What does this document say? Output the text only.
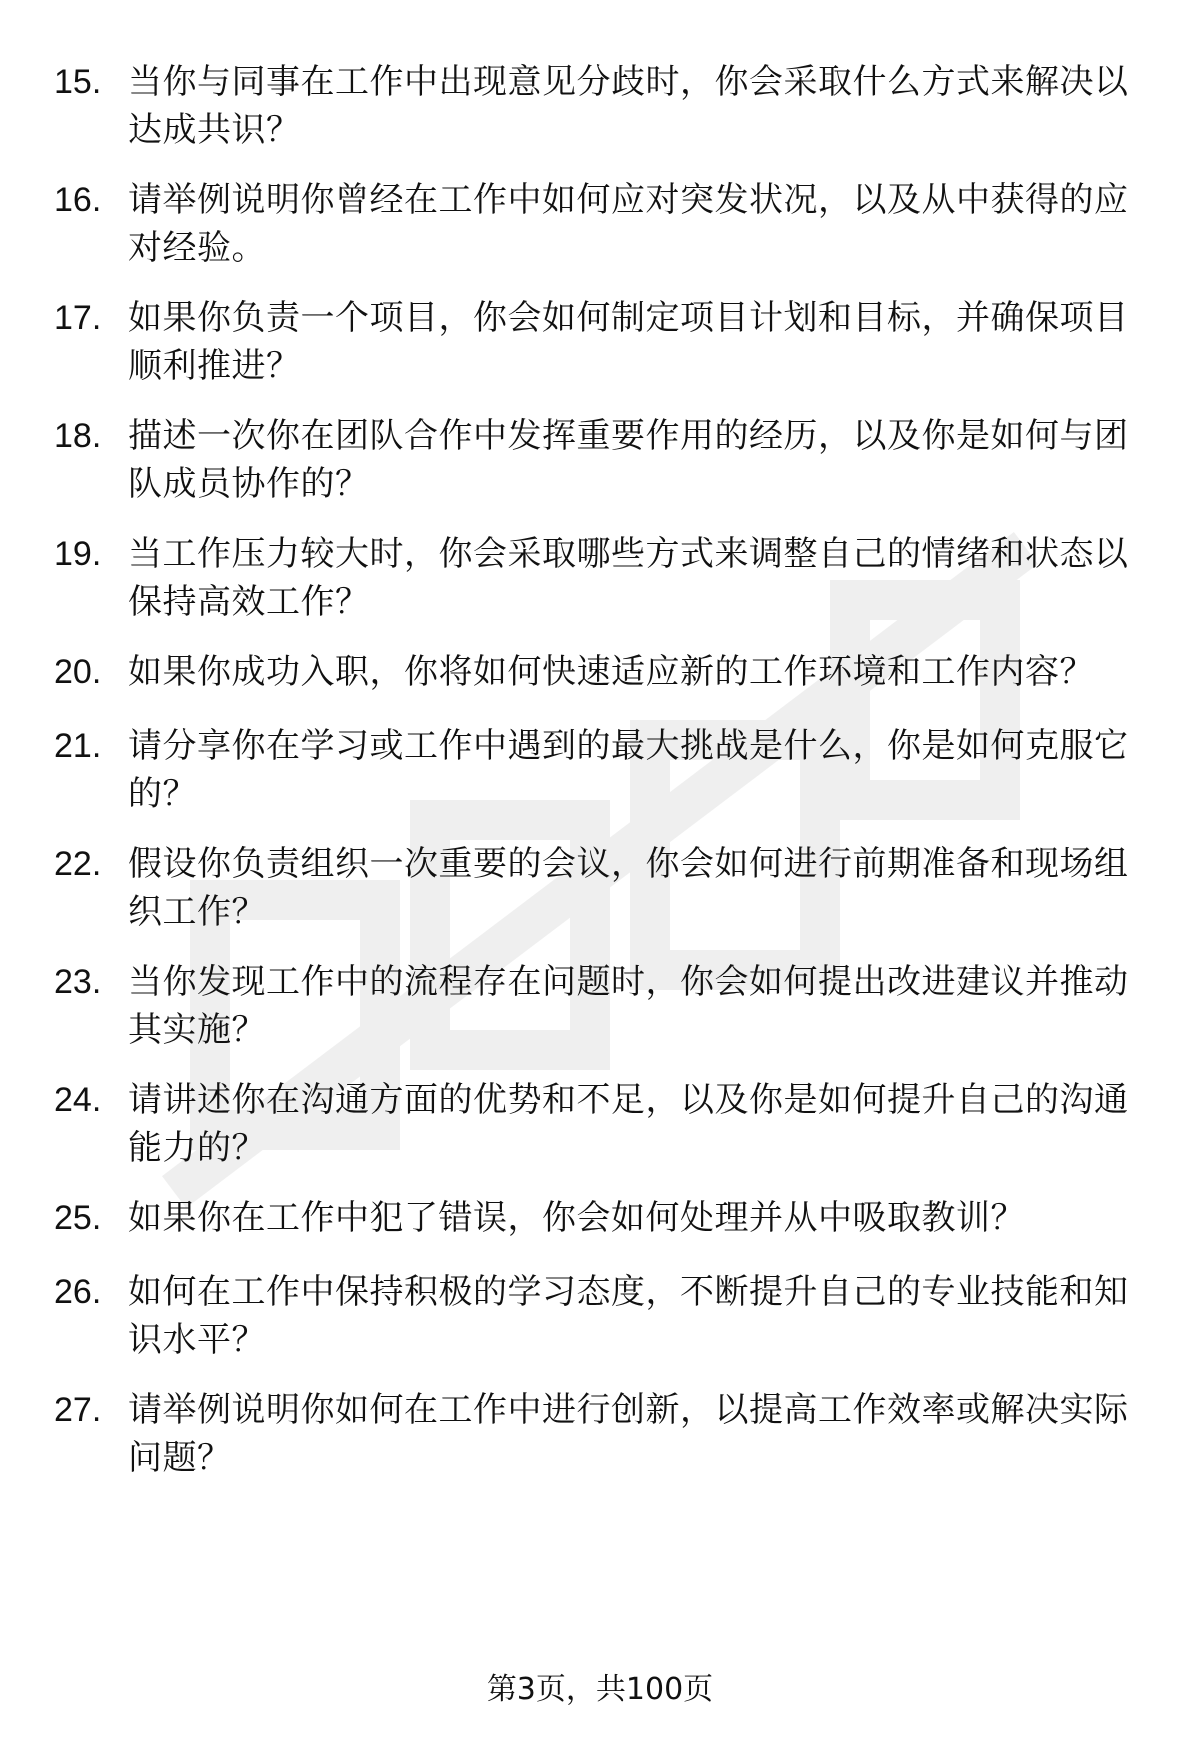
15. 当你与同事在工作中出现意见分歧时，你会采取什么方式来解决以达成共识？
16. 请举例说明你曾经在工作中如何应对突发状况，以及从中获得的应对经验。
17. 如果你负责一个项目，你会如何制定项目计划和目标，并确保项目顺利推进？
18. 描述一次你在团队合作中发挥重要作用的经历，以及你是如何与团队成员协作的？
19. 当工作压力较大时，你会采取哪些方式来调整自己的情绪和状态以保持高效工作？
20. 如果你成功入职，你将如何快速适应新的工作环境和工作内容？
21. 请分享你在学习或工作中遇到的最大挑战是什么，你是如何克服它的？
22. 假设你负责组织一次重要的会议，你会如何进行前期准备和现场组织工作？
23. 当你发现工作中的流程存在问题时，你会如何提出改进建议并推动其实施？
24. 请讲述你在沟通方面的优势和不足，以及你是如何提升自己的沟通能力的？
25. 如果你在工作中犯了错误，你会如何处理并从中吸取教训？
26. 如何在工作中保持积极的学习态度，不断提升自己的专业技能和知识水平？
27. 请举例说明你如何在工作中进行创新，以提高工作效率或解决实际问题？
第3页，共100页
